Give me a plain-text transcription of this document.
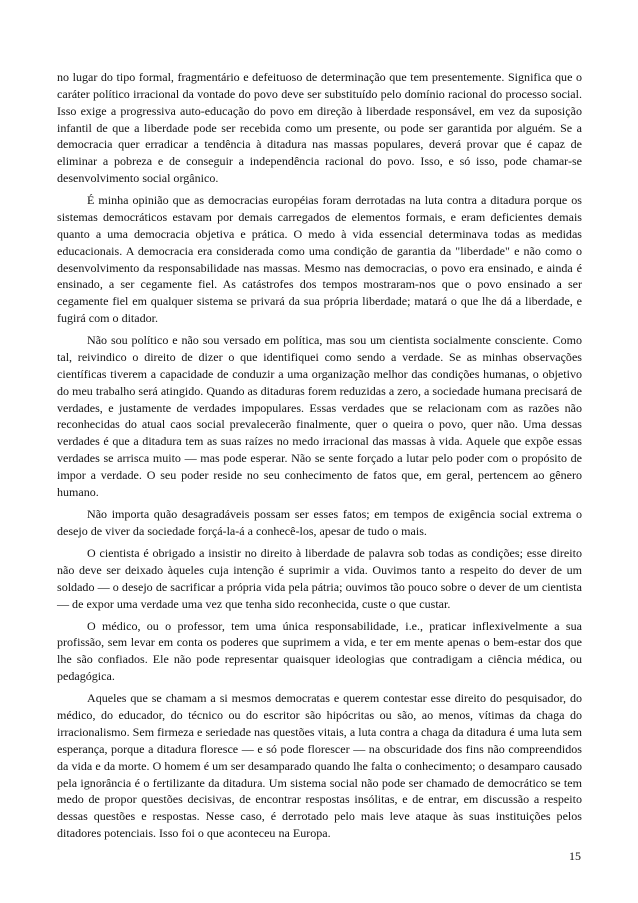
no lugar do tipo formal, fragmentário e defeituoso de determinação que tem presentemente. Significa que o caráter político irracional da vontade do povo deve ser substituído pelo domínio racional do processo social. Isso exige a progressiva auto-educação do povo em direção à liberdade responsável, em vez da suposição infantil de que a liberdade pode ser recebida como um presente, ou pode ser garantida por alguém. Se a democracia quer erradicar a tendência à ditadura nas massas populares, deverá provar que é capaz de eliminar a pobreza e de conseguir a independência racional do povo. Isso, e só isso, pode chamar-se desenvolvimento social orgânico.

É minha opinião que as democracias européias foram derrotadas na luta contra a ditadura porque os sistemas democráticos estavam por demais carregados de elementos formais, e eram deficientes demais quanto a uma democracia objetiva e prática. O medo à vida essencial determinava todas as medidas educacionais. A democracia era considerada como uma condição de garantia da "liberdade" e não como o desenvolvimento da responsabilidade nas massas. Mesmo nas democracias, o povo era ensinado, e ainda é ensinado, a ser cegamente fiel. As catástrofes dos tempos mostraram-nos que o povo ensinado a ser cegamente fiel em qualquer sistema se privará da sua própria liberdade; matará o que lhe dá a liberdade, e fugirá com o ditador.

Não sou político e não sou versado em política, mas sou um cientista socialmente consciente. Como tal, reivindico o direito de dizer o que identifiquei como sendo a verdade. Se as minhas observações científicas tiverem a capacidade de conduzir a uma organização melhor das condições humanas, o objetivo do meu trabalho será atingido. Quando as ditaduras forem reduzidas a zero, a sociedade humana precisará de verdades, e justamente de verdades impopulares. Essas verdades que se relacionam com as razões não reconhecidas do atual caos social prevalecerão finalmente, quer o queira o povo, quer não. Uma dessas verdades é que a ditadura tem as suas raízes no medo irracional das massas à vida. Aquele que expõe essas verdades se arrisca muito — mas pode esperar. Não se sente forçado a lutar pelo poder com o propósito de impor a verdade. O seu poder reside no seu conhecimento de fatos que, em geral, pertencem ao gênero humano.

Não importa quão desagradáveis possam ser esses fatos; em tempos de exigência social extrema o desejo de viver da sociedade forçá-la-á a conhecê-los, apesar de tudo o mais.

O cientista é obrigado a insistir no direito à liberdade de palavra sob todas as condições; esse direito não deve ser deixado àqueles cuja intenção é suprimir a vida. Ouvimos tanto a respeito do dever de um soldado — o desejo de sacrificar a própria vida pela pátria; ouvimos tão pouco sobre o dever de um cientista — de expor uma verdade uma vez que tenha sido reconhecida, custe o que custar.

O médico, ou o professor, tem uma única responsabilidade, i.e., praticar inflexivelmente a sua profissão, sem levar em conta os poderes que suprimem a vida, e ter em mente apenas o bem-estar dos que lhe são confiados. Ele não pode representar quaisquer ideologias que contradigam a ciência médica, ou pedagógica.

Aqueles que se chamam a si mesmos democratas e querem contestar esse direito do pesquisador, do médico, do educador, do técnico ou do escritor são hipócritas ou são, ao menos, vítimas da chaga do irracionalismo. Sem firmeza e seriedade nas questões vitais, a luta contra a chaga da ditadura é uma luta sem esperança, porque a ditadura floresce — e só pode florescer — na obscuridade dos fins não compreendidos da vida e da morte. O homem é um ser desamparado quando lhe falta o conhecimento; o desamparo causado pela ignorância é o fertilizante da ditadura. Um sistema social não pode ser chamado de democrático se tem medo de propor questões decisivas, de encontrar respostas insólitas, e de entrar, em discussão a respeito dessas questões e respostas. Nesse caso, é derrotado pelo mais leve ataque às suas instituições pelos ditadores potenciais. Isso foi o que aconteceu na Europa.

15
